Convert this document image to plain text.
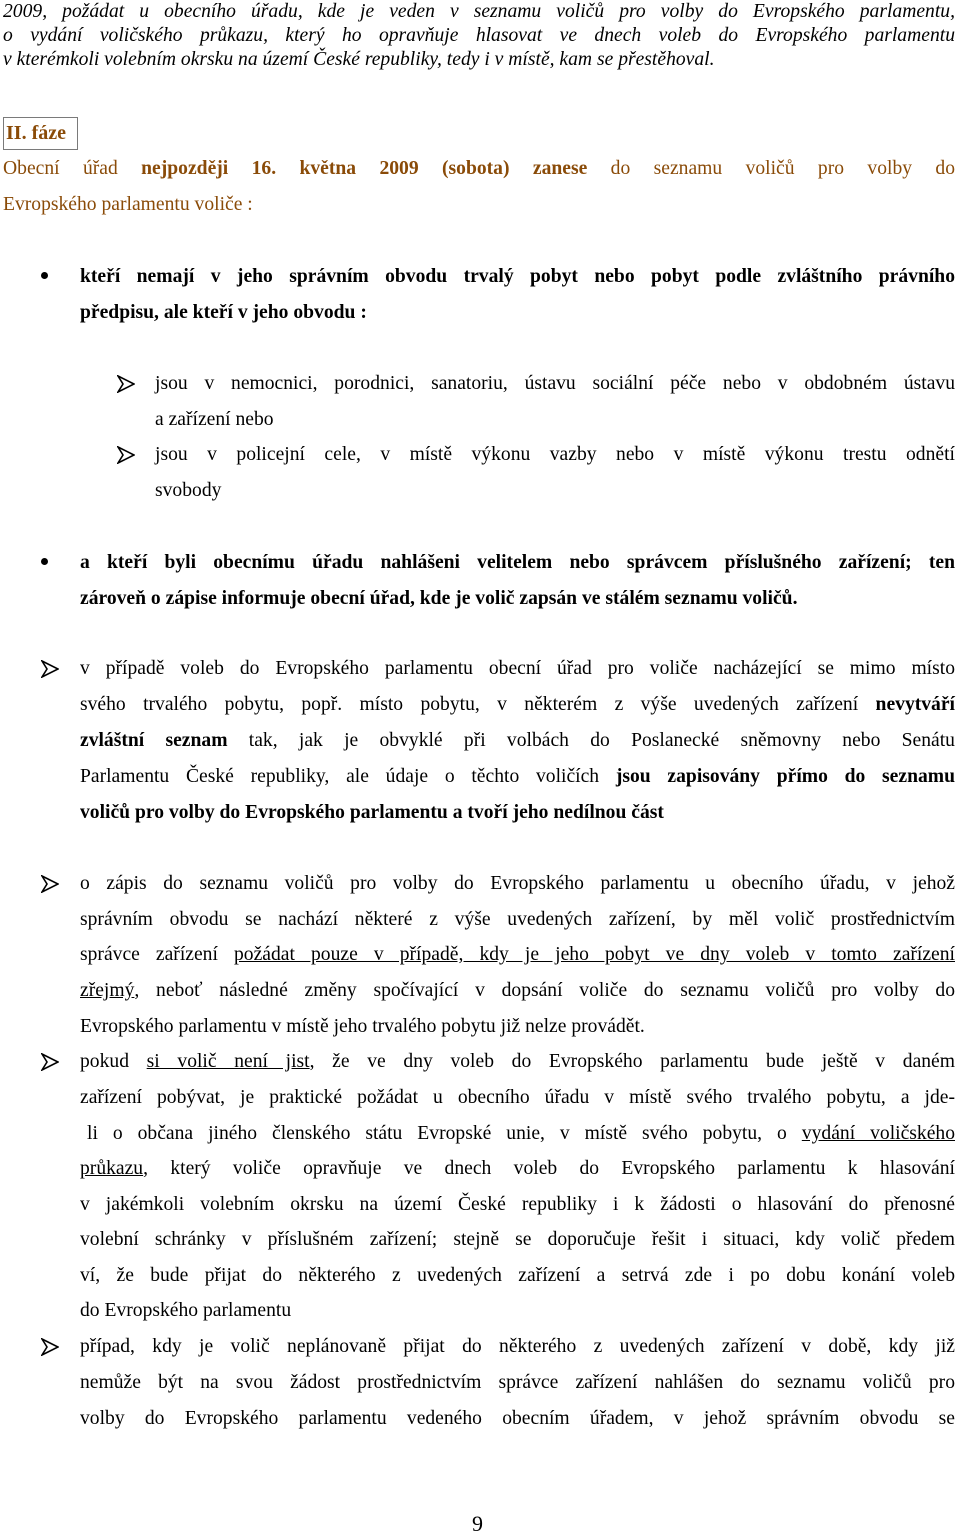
2009, požádat u obecního úřadu, kde je veden v seznamu voličů pro volby do Evropského parlamentu,
o vydání voličského průkazu, který ho opravňuje hlasovat ve dnech voleb do Evropského parlamentu
v kterémkoli volebním okrsku na území České republiky, tedy i v místě, kam se přestěhoval.
II. fáze
Obecní úřad nejpozději 16. května 2009 (sobota) zanese do seznamu voličů pro volby do
Evropského parlamentu voliče :
kteří nemají v jeho správním obvodu trvalý pobyt nebo pobyt podle zvláštního právního
předpisu, ale kteří v jeho obvodu :
jsou v nemocnici, porodnici, sanatoriu, ústavu sociální péče nebo v obdobném ústavu
a zařízení nebo
jsou v policejní cele, v místě výkonu vazby nebo v místě výkonu trestu odnětí
svobody
a kteří byli obecnímu úřadu nahlášeni velitelem nebo správcem příslušného zařízení; ten
zároveň o zápise informuje obecní úřad, kde je volič zapsán ve stálém seznamu voličů.
v případě voleb do Evropského parlamentu obecní úřad pro voliče nacházející se mimo místo
svého trvalého pobytu, popř. místo pobytu, v některém z výše uvedených zařízení nevytváří
zvláštní seznam tak, jak je obvyklé při volbách do Poslanecké sněmovny nebo Senátu
Parlamentu České republiky, ale údaje o těchto voličích jsou zapisovány přímo do seznamu
voličů pro volby do Evropského parlamentu a tvoří jeho nedílnou část
o zápis do seznamu voličů pro volby do Evropského parlamentu u obecního úřadu, v jehož
správním obvodu se nachází některé z výše uvedených zařízení, by měl volič prostřednictvím
správce zařízení požádat pouze v případě, kdy je jeho pobyt ve dny voleb v tomto zařízení
zřejmý, neboť následné změny spočívající v dopsání voliče do seznamu voličů pro volby do
Evropského parlamentu v místě jeho trvalého pobytu již nelze provádět.
pokud si volič není jist, že ve dny voleb do Evropského parlamentu bude ještě v daném
zařízení pobývat, je praktické požádat u obecního úřadu v místě svého trvalého pobytu, a jde-
li o občana jiného členského státu Evropské unie, v místě svého pobytu, o vydání voličského
průkazu, který voliče opravňuje ve dnech voleb do Evropského parlamentu k hlasování
v jakémkoli volebním okrsku na území České republiky i k žádosti o hlasování do přenosné
volební schránky v příslušném zařízení; stejně se doporučuje řešit i situaci, kdy volič předem
ví, že bude přijat do některého z uvedených zařízení a setrvá zde i po dobu konání voleb
do Evropského parlamentu
případ, kdy je volič neplánovaně přijat do některého z uvedených zařízení v době, kdy již
nemůže být na svou žádost prostřednictvím správce zařízení nahlášen do seznamu voličů pro
volby do Evropského parlamentu vedeného obecním úřadem, v jehož správním obvodu se
9
